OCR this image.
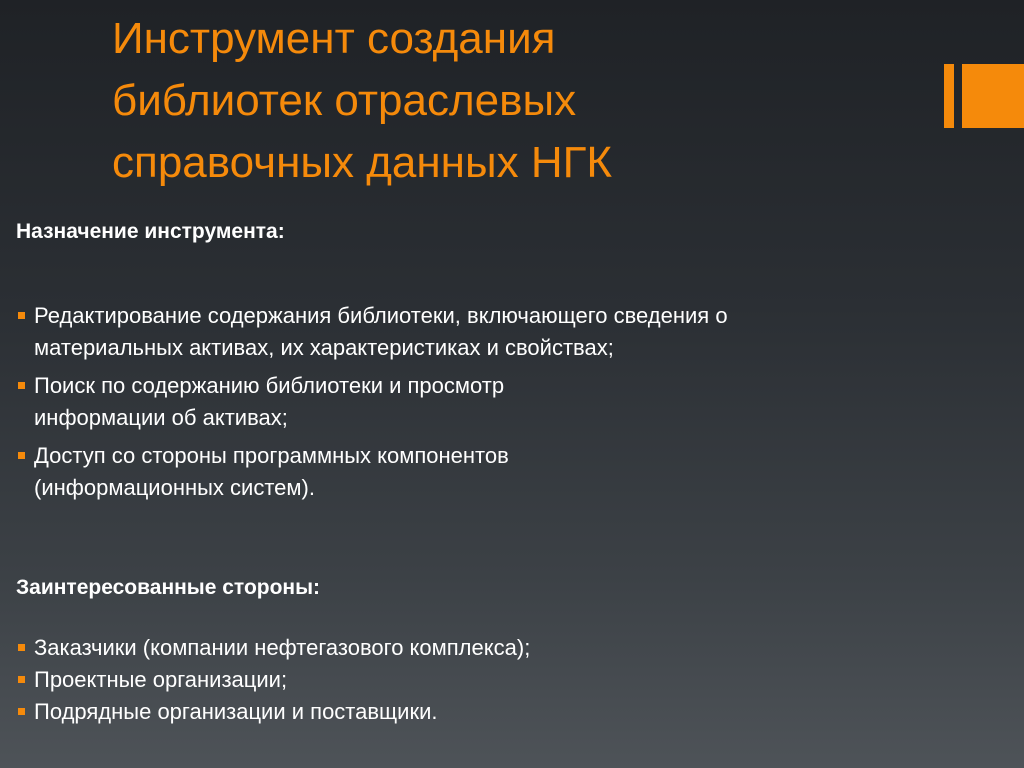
Инструмент создания
библиотек отраслевых
справочных данных НГК

Назначение инструмента:

Редактирование содержания библиотеки, включающего сведения о материальных активах, их характеристиках и свойствах;
Поиск по содержанию библиотеки и просмотр информации об активах;
Доступ со стороны программных компонентов (информационных систем).

Заинтересованные стороны:

Заказчики (компании нефтегазового комплекса);
Проектные организации;
Подрядные организации и поставщики.
